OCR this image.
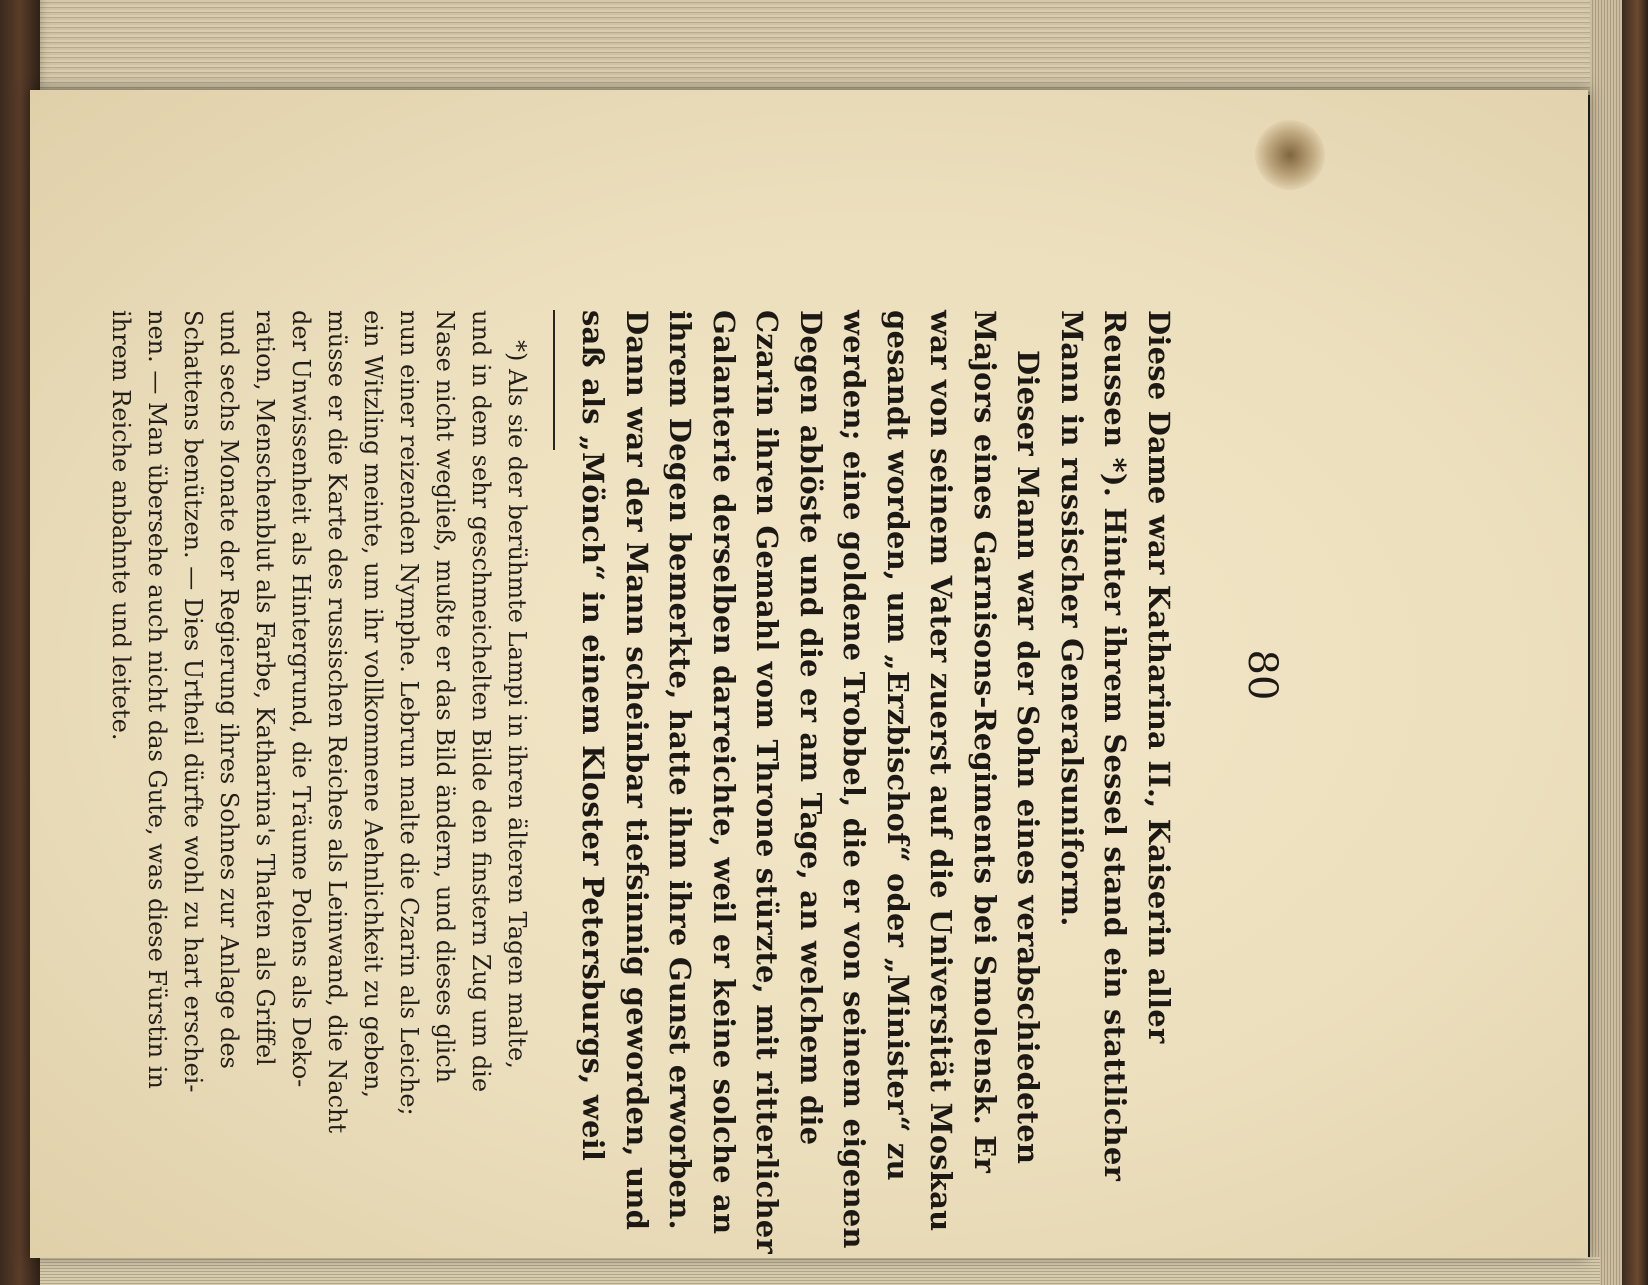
80
Diese Dame war Katharina II., Kaiserin aller
Reussen *). Hinter ihrem Sessel stand ein stattlicher
Mann in russischer Generalsuniform.
Dieser Mann war der Sohn eines verabschiedeten
Majors eines Garnisons-Regiments bei Smolensk. Er
war von seinem Vater zuerst auf die Universität Moskau
gesandt worden, um „Erzbischof“ oder „Minister“ zu
werden; eine goldene Trobbel, die er von seinem eigenen
Degen ablöste und die er am Tage, an welchem die
Czarin ihren Gemahl vom Throne stürzte, mit ritterlicher
Galanterie derselben darreichte, weil er keine solche an
ihrem Degen bemerkte, hatte ihm ihre Gunst erworben.
Dann war der Mann scheinbar tiefsinnig geworden, und
saß als „Mönch“ in einem Kloster Petersburgs, weil
*) Als sie der berühmte Lampi in ihren älteren Tagen malte,
und in dem sehr geschmeichelten Bilde den finstern Zug um die
Nase nicht wegließ, mußte er das Bild ändern, und dieses glich
nun einer reizenden Nymphe. Lebrun malte die Czarin als Leiche;
ein Witzling meinte, um ihr vollkommene Aehnlichkeit zu geben,
müsse er die Karte des russischen Reiches als Leinwand, die Nacht
der Unwissenheit als Hintergrund, die Träume Polens als Deko-
ration, Menschenblut als Farbe, Katharina's Thaten als Griffel
und sechs Monate der Regierung ihres Sohnes zur Anlage des
Schattens benützen. — Dies Urtheil dürfte wohl zu hart erschei-
nen. — Man übersehe auch nicht das Gute, was diese Fürstin in
ihrem Reiche anbahnte und leitete.
